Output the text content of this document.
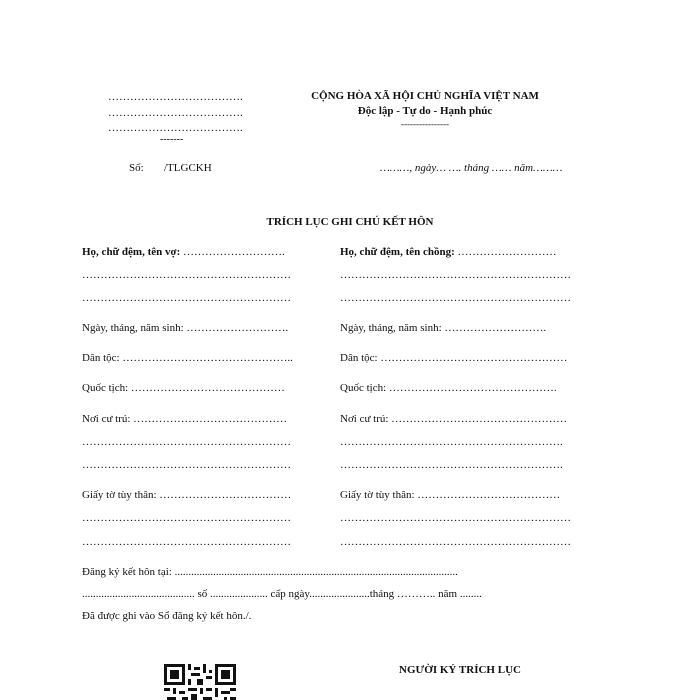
……………………………….
……………………………….
……………………………….
-------
CỘNG HÒA XÃ HỘI CHỦ NGHĨA VIỆT NAM
Độc lập - Tự do - Hạnh phúc
----------------
Số: /TLGCKH	………, ngày… …. tháng …… năm………
TRÍCH LỤC GHI CHÚ KẾT HÔN
Họ, chữ đệm, tên vợ: ……………………….
…………………………………………………
…………………………………………………
Ngày, tháng, năm sinh: ……………………….
Dân tộc: ………………………………………..
Quốc tịch: ……………………………………
Nơi cư trú: ……………………………………
…………………………………………………
…………………………………………………
Giấy tờ tùy thân: ………………………………
…………………………………………………
…………………………………………………
Họ, chữ đệm, tên chồng: ………………………
………………………………………………………
………………………………………………………
Ngày, tháng, năm sinh: ……………………….
Dân tộc: ……………………………………………
Quốc tịch: ……………………………………….
Nơi cư trú: …………………………………………
…………………………………………………….
…………………………………………………….
Giấy tờ tùy thân: …………………………………
………………………………………………………
………………………………………………………
Đăng ký kết hôn tại: .......................................................................................................
......................................... số ..................... cấp ngày......................tháng ……….. năm ........
Đã được ghi vào Sổ đăng ký kết hôn./.
NGƯỜI KÝ TRÍCH LỤC
